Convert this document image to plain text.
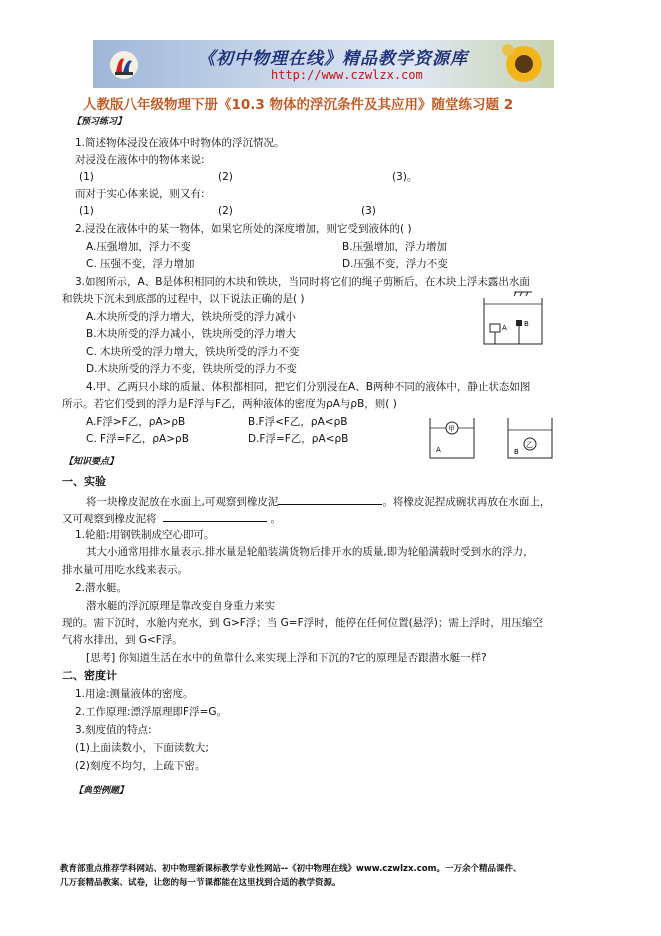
《初中物理在线》精品教学资源库
http://www.czwlzx.com
人教版八年级物理下册《10.3 物体的浮沉条件及其应用》随堂练习题 2
【预习练习】
1.简述物体浸没在液体中时物体的浮沉情况。
对浸没在液体中的物体来说:
(1)	(2)	(3)。
而对于实心体来说，则又有:
(1)	(2)	(3)
2.浸没在液体中的某一物体，如果它所处的深度增加，则它受到液体的( )
A.压强增加，浮力不变	B.压强增加，浮力增加
C. 压强不变，浮力增加	D.压强不变，浮力不变
3.如图所示，A、B是体积相同的木块和铁块，当同时将它们的绳子剪断后，在木块上浮未露出水面
和铁块下沉未到底部的过程中，以下说法正确的是( )
A.木块所受的浮力增大，铁块所受的浮力减小
B.木块所受的浮力减小，铁块所受的浮力增大
C. 木块所受的浮力增大，铁块所受的浮力不变
D.木块所受的浮力不变，铁块所受的浮力不变
A B
4.甲、乙两只小球的质量、体积都相同，把它们分别浸在A、B两种不同的液体中，静止状态如图
所示。若它们受到的浮力是F浮与F乙，两种液体的密度为ρA与ρB，则( )
A.F浮>F乙，ρA>ρB	B.F浮<F乙，ρA<ρB
C. F浮=F乙，ρA>ρB	D.F浮=F乙，ρA<ρB
甲
A
乙
B
【知识要点】
一、实验
将一块橡皮泥放在水面上,可观察到橡皮泥	。将橡皮泥捏成碗状再放在水面上，
又可观察到橡皮泥将	。
1.轮船:用钢铁制成空心即可。
其大小通常用排水量表示.排水量是轮船装满货物后排开水的质量,即为轮船满载时受到水的浮力，
排水量可用吃水线来表示。
2.潜水艇。
潜水艇的浮沉原理是靠改变自身重力来实
现的。需下沉时，水舱内充水，到 G>F浮；当 G=F浮时，能停在任何位置(悬浮)；需上浮时，用压缩空
气将水排出，到 G<F浮。
[思考] 你知道生活在水中的鱼靠什么来实现上浮和下沉的?它的原理是否跟潜水艇一样?
二、密度计
1.用途:测量液体的密度。
2.工作原理:漂浮原理即F浮=G。
3.刻度值的特点:
(1)上面读数小，下面读数大;
(2)刻度不均匀，上疏下密。
【典型例题】
教育部重点推荐学科网站、初中物理新课标教学专业性网站--《初中物理在线》www.czwlzx.com。一万余个精品课件、
几万套精品教案、试卷，让您的每一节课都能在这里找到合适的教学资源。
